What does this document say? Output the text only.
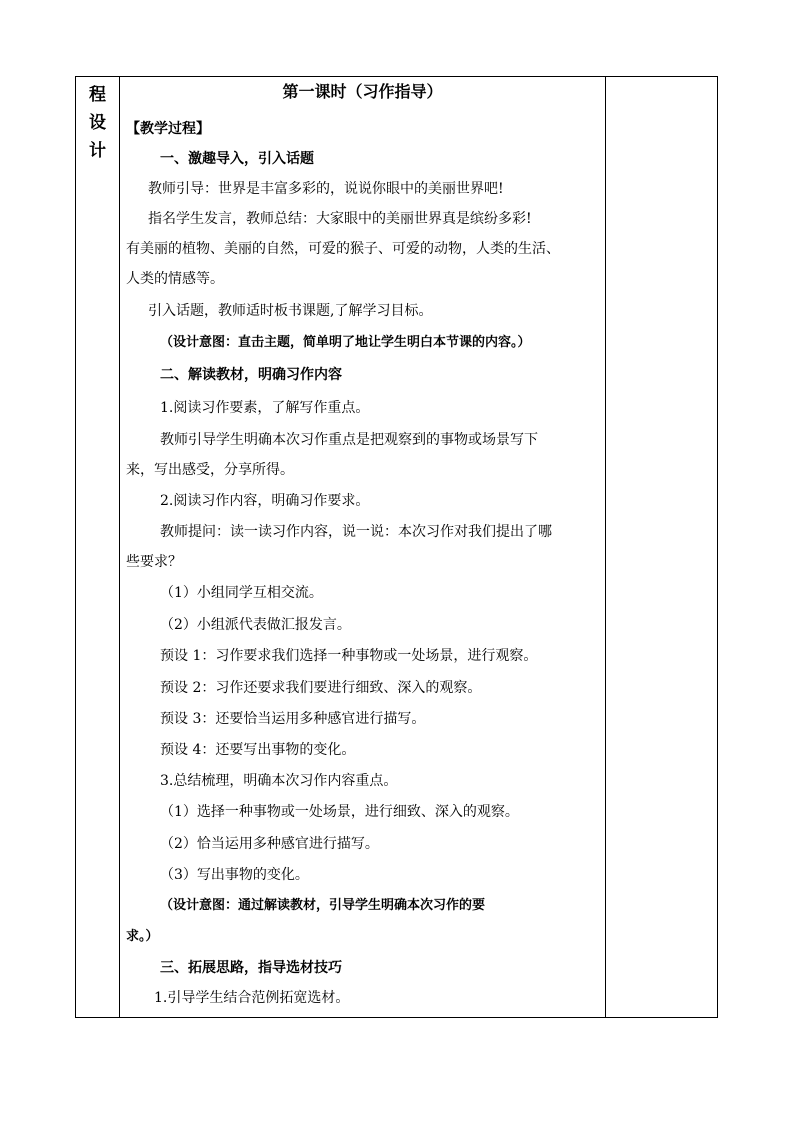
程
设
计
第一课时（习作指导）
【教学过程】
一、激趣导入，引入话题
教师引导：世界是丰富多彩的，说说你眼中的美丽世界吧!
指名学生发言，教师总结：大家眼中的美丽世界真是缤纷多彩!
有美丽的植物、美丽的自然，可爱的猴子、可爱的动物，人类的生活、
人类的情感等。
引入话题，教师适时板书课题,了解学习目标。
（设计意图：直击主题，简单明了地让学生明白本节课的内容。）
二、解读教材，明确习作内容
1.阅读习作要素，了解写作重点。
教师引导学生明确本次习作重点是把观察到的事物或场景写下
来，写出感受，分享所得。
2.阅读习作内容，明确习作要求。
教师提问：读一读习作内容，说一说：本次习作对我们提出了哪
些要求？
（1）小组同学互相交流。
（2）小组派代表做汇报发言。
预设 1：习作要求我们选择一种事物或一处场景，进行观察。
预设 2：习作还要求我们要进行细致、深入的观察。
预设 3：还要恰当运用多种感官进行描写。
预设 4：还要写出事物的变化。
3.总结梳理，明确本次习作内容重点。
（1）选择一种事物或一处场景，进行细致、深入的观察。
（2）恰当运用多种感官进行描写。
（3）写出事物的变化。
（设计意图：通过解读教材，引导学生明确本次习作的要
求。）
三、拓展思路，指导选材技巧
1.引导学生结合范例拓宽选材。
